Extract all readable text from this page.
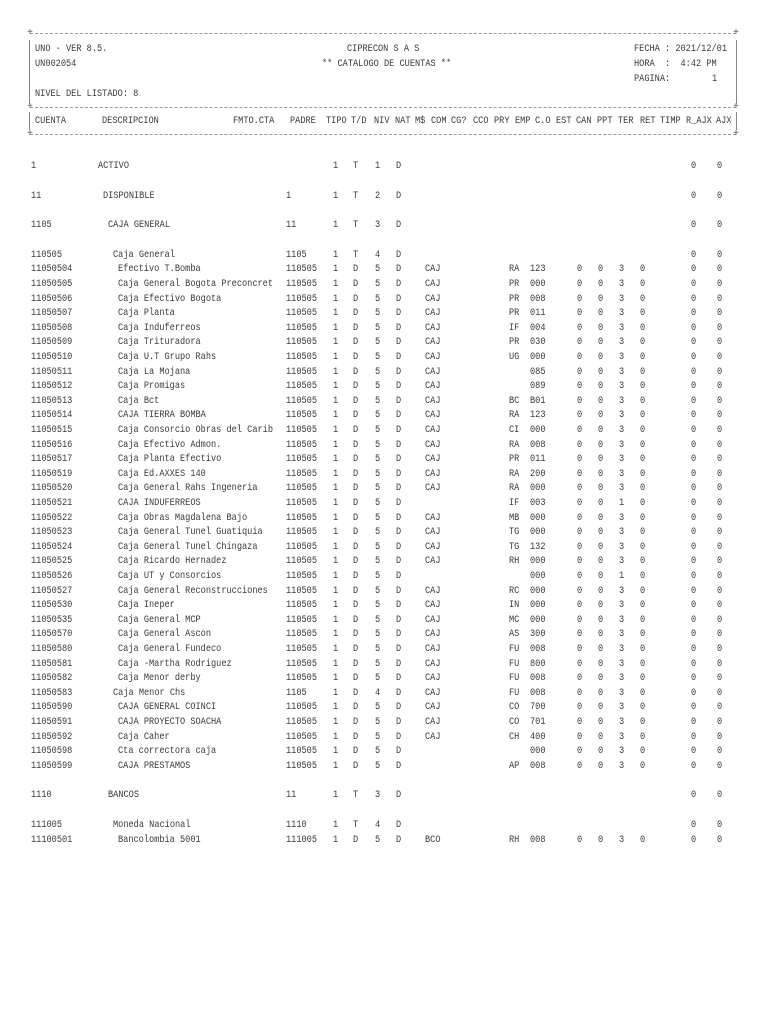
+	+
UNO - VER 8.5.	CIPRECON S A S	FECHA : 2021/12/01
UN002054	** CATALOGO DE CUENTAS **	HORA  :  4:42 PM
PAGINA:	1
NIVEL DEL LISTADO: 8
+	+
CUENTA	DESCRIPCION	FMTO.CTA PADRE TIPO T/D NIV NAT M$ COM CG? CCO PRY EMP C.O EST CAN PPT TER RET TIMP R_AJX AJX
+	+
1	ACTIVO	1 T 1 D	0 0
11	DISPONIBLE	1	1 T 2 D	0 0
1105	CAJA GENERAL	11	1 T 3 D	0 0
110505	Caja General	1105	1 T 4 D	0 0
11050504	Efectivo T.Bomba	110505 1 D 5 D CAJ	RA 123	0 0 3 0	0 0
11050505	Caja General Bogota Preconcret 110505 1 D 5 D CAJ	PR 000	0 0 3 0	0 0
11050506	Caja Efectivo Bogota	110505 1 D 5 D CAJ	PR 008	0 0 3 0	0 0
11050507	Caja Planta	110505 1 D 5 D CAJ	PR 011	0 0 3 0	0 0
11050508	Caja Induferreos	110505 1 D 5 D CAJ	IF 004	0 0 3 0	0 0
11050509	Caja Trituradora	110505 1 D 5 D CAJ	PR 030	0 0 3 0	0 0
11050510	Caja U.T Grupo Rahs	110505 1 D 5 D CAJ	UG 000	0 0 3 0	0 0
11050511	Caja La Mojana	110505 1 D 5 D CAJ	085	0 0 3 0	0 0
11050512	Caja Promigas	110505 1 D 5 D CAJ	089	0 0 3 0	0 0
11050513	Caja Bct	110505 1 D 5 D CAJ	BC B01	0 0 3 0	0 0
11050514	CAJA TIERRA BOMBA	110505 1 D 5 D CAJ	RA 123	0 0 3 0	0 0
11050515	Caja Consorcio Obras del Carib 110505 1 D 5 D CAJ	CI 000	0 0 3 0	0 0
11050516	Caja Efectivo Admon.	110505 1 D 5 D CAJ	RA 008	0 0 3 0	0 0
11050517	Caja Planta Efectivo	110505 1 D 5 D CAJ	PR 011	0 0 3 0	0 0
11050519	Caja Ed.AXXES 140	110505 1 D 5 D CAJ	RA 200	0 0 3 0	0 0
11050520	Caja General Rahs Ingeneria	110505 1 D 5 D CAJ	RA 000	0 0 3 0	0 0
11050521	CAJA INDUFERREOS	110505 1 D 5 D	IF 003	0 0 1 0	0 0
11050522	Caja Obras Magdalena Bajo	110505 1 D 5 D CAJ	MB 000	0 0 3 0	0 0
11050523	Caja General Tunel Guatiquia 110505 1 D 5 D CAJ	TG 000	0 0 3 0	0 0
11050524	Caja General Tunel Chingaza	110505 1 D 5 D CAJ	TG 132	0 0 3 0	0 0
11050525	Caja Ricardo Hernadez	110505 1 D 5 D CAJ	RH 000	0 0 3 0	0 0
11050526	Caja UT y Consorcios	110505 1 D 5 D	000	0 0 1 0	0 0
11050527	Caja General Reconstrucciones 110505 1 D 5 D CAJ	RC 000	0 0 3 0	0 0
11050530	Caja Ineper	110505 1 D 5 D CAJ	IN 000	0 0 3 0	0 0
11050535	Caja General MCP	110505 1 D 5 D CAJ	MC 000	0 0 3 0	0 0
11050570	Caja General Ascon	110505 1 D 5 D CAJ	AS 300	0 0 3 0	0 0
11050580	Caja General Fundeco	110505 1 D 5 D CAJ	FU 008	0 0 3 0	0 0
11050581	Caja -Martha Rodriguez	110505 1 D 5 D CAJ	FU 800	0 0 3 0	0 0
11050582	Caja Menor derby	110505 1 D 5 D CAJ	FU 008	0 0 3 0	0 0
11050583	Caja Menor Chs	1105	1 D 4 D CAJ	FU 008	0 0 3 0	0 0
11050590	CAJA GENERAL COINCI	110505 1 D 5 D CAJ	CO 700	0 0 3 0	0 0
11050591	CAJA PROYECTO SOACHA	110505 1 D 5 D CAJ	CO 701	0 0 3 0	0 0
11050592	Caja Caher	110505 1 D 5 D CAJ	CH 400	0 0 3 0	0 0
11050598	Cta correctora caja	110505 1 D 5 D	000	0 0 3 0	0 0
11050599	CAJA PRESTAMOS	110505 1 D 5 D	AP 008	0 0 3 0	0 0
1110	BANCOS	11	1 T 3 D	0 0
111005	Moneda Nacional	1110	1 T 4 D	0 0
11100501	Bancolombia 5001	111005 1 D 5 D BCO	RH 008	0 0 3 0	0 0
